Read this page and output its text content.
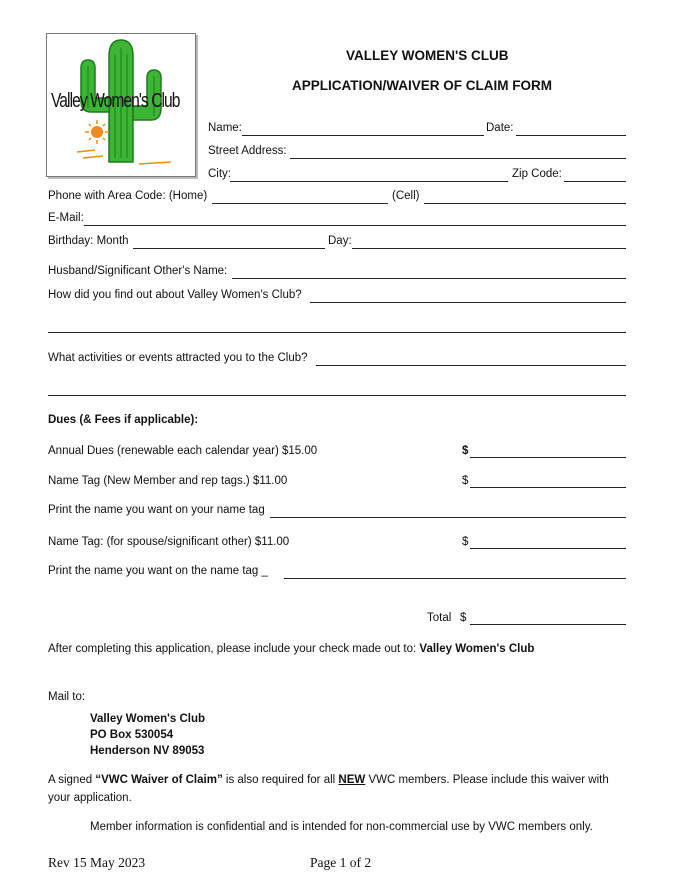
Valley Women's Club
VALLEY WOMEN'S CLUB
APPLICATION/WAIVER OF CLAIM FORM
Name:	Date:
Street Address:
City:	Zip Code:
Phone with Area Code: (Home)	(Cell)
E-Mail:
Birthday: Month	Day:
Husband/Significant Other's Name:
How did you find out about Valley Women's Club?
What activities or events attracted you to the Club?
Dues (& Fees if applicable):
Annual Dues (renewable each calendar year) $15.00	$
Name Tag (New Member and rep tags.) $11.00	$
Print the name you want on your name tag
Name Tag: (for spouse/significant other) $11.00	$
Print the name you want on the name tag _
Total $
After completing this application, please include your check made out to: Valley Women's Club
Mail to:
Valley Women's Club
PO Box 530054
Henderson NV 89053
A signed “VWC Waiver of Claim” is also required for all NEW VWC members. Please include this waiver with
your application.
Member information is confidential and is intended for non-commercial use by VWC members only.
Rev 15 May 2023	Page 1 of 2
